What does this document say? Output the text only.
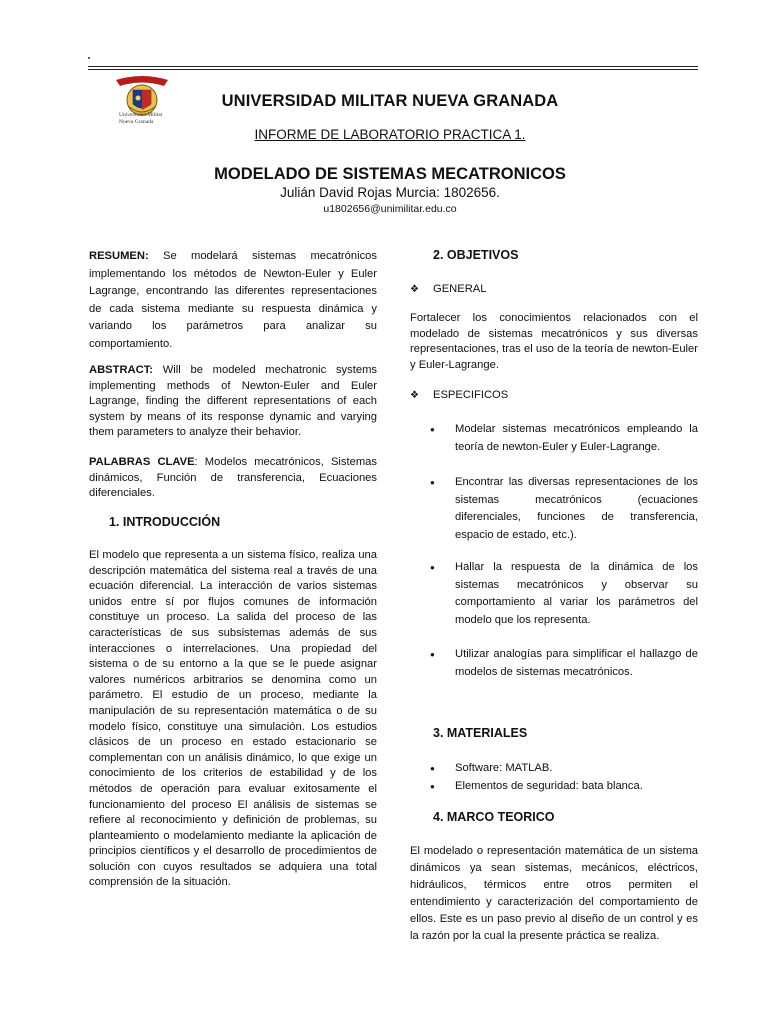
Universidad Militar
Nueva Granada
UNIVERSIDAD MILITAR NUEVA GRANADA
INFORME DE LABORATORIO PRACTICA 1.
MODELADO DE SISTEMAS MECATRONICOS
Julián David Rojas Murcia: 1802656.
u1802656@unimilitar.edu.co

RESUMEN: Se modelará sistemas mecatrónicos implementando los métodos de Newton-Euler y Euler Lagrange, encontrando las diferentes representaciones de cada sistema mediante su respuesta dinámica y variando los parámetros para analizar su comportamiento.

ABSTRACT: Will be modeled mechatronic systems implementing methods of Newton-Euler and Euler Lagrange, finding the different representations of each system by means of its response dynamic and varying them parameters to analyze their behavior.

PALABRAS CLAVE: Modelos mecatrónicos, Sistemas dinámicos, Función de transferencia, Ecuaciones diferenciales.

1. INTRODUCCIÓN

El modelo que representa a un sistema físico, realiza una descripción matemática del sistema real a través de una ecuación diferencial. La interacción de varios sistemas unidos entre sí por flujos comunes de información constituye un proceso. La salida del proceso de las características de sus subsistemas además de sus interacciones o interrelaciones. Una propiedad del sistema o de su entorno a la que se le puede asignar valores numéricos arbitrarios se denomina como un parámetro. El estudio de un proceso, mediante la manipulación de su representación matemática o de su modelo físico, constituye una simulación. Los estudios clásicos de un proceso en estado estacionario se complementan con un análisis dinámico, lo que exige un conocimiento de los criterios de estabilidad y de los métodos de operación para evaluar exitosamente el funcionamiento del proceso El análisis de sistemas se refiere al reconocimiento y definición de problemas, su planteamiento o modelamiento mediante la aplicación de principios científicos y el desarrollo de procedimientos de solución con cuyos resultados se adquiera una total comprensión de la situación.

2. OBJETIVOS
❖	GENERAL

Fortalecer los conocimientos relacionados con el modelado de sistemas mecatrónicos y sus diversas representaciones, tras el uso de la teoría de newton-Euler y Euler-Lagrange.

❖	ESPECIFICOS
●	Modelar sistemas mecatrónicos empleando la teoría de newton-Euler y Euler-Lagrange.
●	Encontrar las diversas representaciones de los sistemas mecatrónicos (ecuaciones diferenciales, funciones de transferencia, espacio de estado, etc.).
●	Hallar la respuesta de la dinámica de los sistemas mecatrónicos y observar su comportamiento al variar los parámetros del modelo que los representa.
●	Utilizar analogías para simplificar el hallazgo de modelos de sistemas mecatrónicos.
3. MATERIALES
●	Software: MATLAB.
●	Elementos de seguridad: bata blanca.
4. MARCO TEORICO

El modelado o representación matemática de un sistema dinámicos ya sean sistemas, mecánicos, eléctricos, hidráulicos, térmicos entre otros permiten el entendimiento y caracterización del comportamiento de ellos. Este es un paso previo al diseño de un control y es la razón por la cual la presente práctica se realiza.
